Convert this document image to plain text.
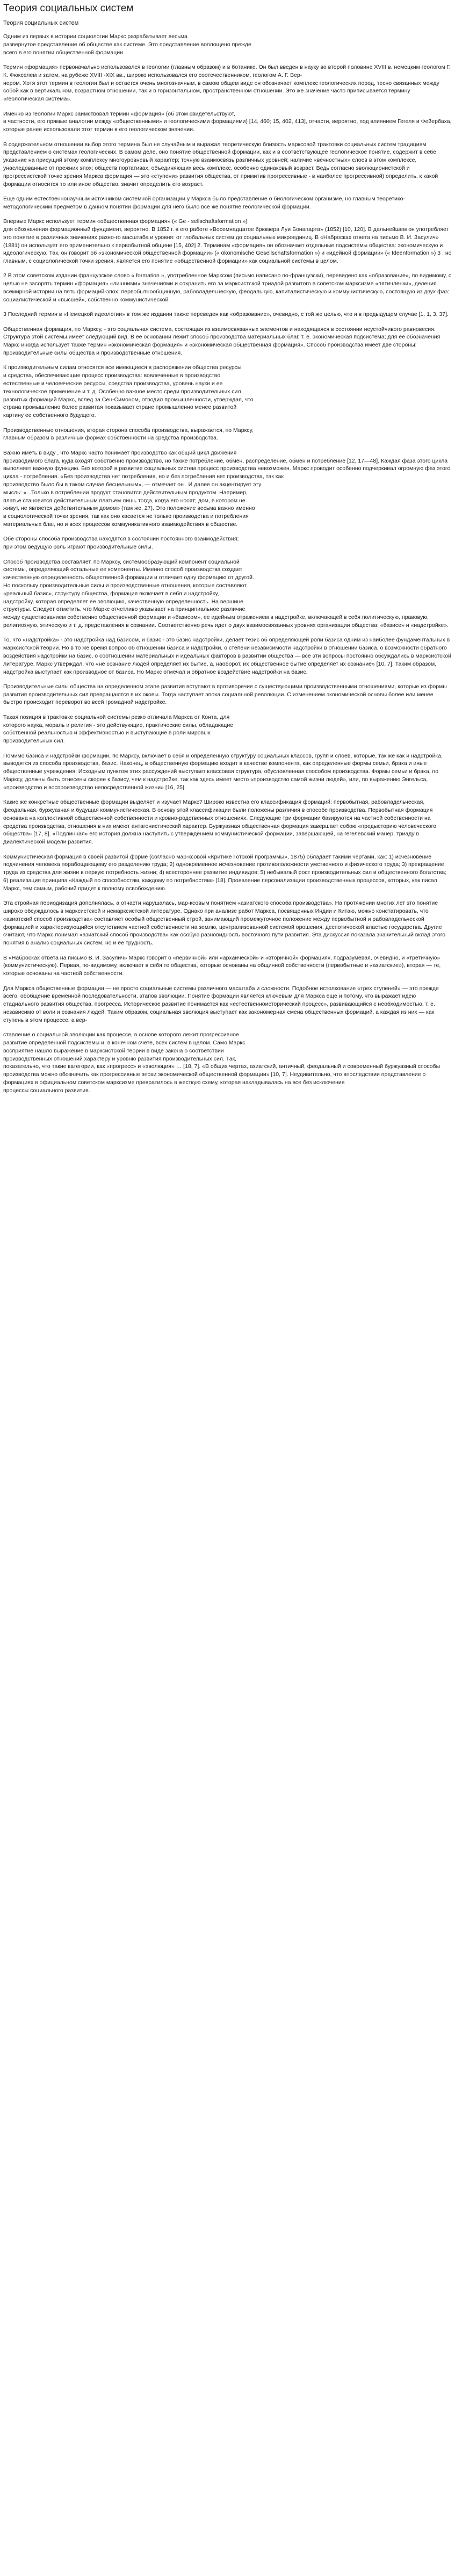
Теория социальных систем
Теория социальных систем

Одним из первых в истории социологии Маркс разрабатывает весьма
развернутое представление об обществе как системе. Это представление воплощено прежде
всего в его понятии общественной формации.

Термин «формация» первоначально использовался в геологии (главным образом) и в ботанике. Он был введен в науку во второй половине XVIII в. немецким геологом Г. К. Фюкселем и затем, на рубеже XVIII -XIX вв., широко использовался его соотечественником, геологом А. Г. Вер-
нером. Хотя этот термин в геологии был и остается очень многозначным, в самом общем виде он обозначает комплекс геологических пород, тесно связанных между собой как в вертикальном, возрастном отношении, так и в горизонтальном, пространственном отношении. Это же значение часто приписывается термину «геологическая система».

Именно из геологии Маркс заимствовал термин «формация» (об этом свидетельствуют,
в частности, его прямые аналогии между «общественными» и геологическими формациями) [14, 460; 15, 402, 413], отчасти, вероятно, под влиянием Гегеля и Фейербаха, которые ранее использовали этот термин в его геологическом значении.

В содержательном отношении выбор этого термина был не случайным и выражал теоретическую близость марксовой трактовки социальных систем традициям представлением о системах геологических. В самом деле, оно понятие общественной формации, как и в соответствующее геологическое понятие, содержит в себе указание на присущий этому комплексу многоуровневый характер; точную взаимосвязь различных уровней; наличие «вечностных» слоев в этом комплексе, унаследованные от прежних эпох; обществ портативах, объединяющих весь комплекс, особенно одинаковый возраст. Ведь согласно эволюционистской и прогрессистской точке зрения Маркса формация — это «ступени» развития общества, от примитив прогрессивные - в наиболее прогрессивной) определить, к какой формации относится то или иное общество, значит определить его возраст.

Еще одним естественнонаучным источником системной организации у Маркса было представление о биологическом организме, но главным теоретико-методологическим предметом в данном понятии формации для него было все же понятие геологической формации.

Впервые Маркс использует термин «общественная формация» (« Ge - sellschaftsformation »)
для обозначения формационный фундамент, вероятно. В 1852 г. в его работе «Восемнадцатое брюмера Луи Бонапарта» (1852) [10, 120]. В дальнейшем он употребляет это понятие в различных значениях разно-го масштаба и уровня: от глобальных систем до социальных микроединиц. В «Набросках ответа на письмо В. И. Засулич» (1881) он использует его применительно к первобытной общине [15, 402] 2. Терминам «формация» он обозначает отдельные подсистемы общества: экономическую и идеологическую. Так, он говорит об «экономической общественной формации» (« ökonomische Gesellschaftsformation ») и «идейной формации» (« Ideenformation ») 3 , но главным, с социологической точки зрения, является его понятие «общественной формации» как социальной системы в целом.

2 В этом советском издании французское слово « formation », употребленное Марксом (письмо написано по-французски), переведено как «образование», по видимому, с целью не засорять термин «формация» «лишними» значениями и сохранить его за марксистской триадой развитого в советском марксизме «пятичленки», деления всемирной истории на пять формаций-эпох: первобытнообщинную, рабовладельческую, феодальную, капиталистическую и коммунистическую, состоящую из двух фаз: социалистической и «высшей», собственно коммунистической.

3 Последний термин в «Немецкой идеологии» в том же издании также переведен как «образование», очевидно, с той же целью, что и в предыдущем случае [1, 1, 3, 37].

Общественная формация, по Марксу, - это социальная система, состоящая из взаимосвязанных элементов и находящаяся в состоянии неустойчивого равновесия. Структура этой системы имеет следующий вид. В ее основании лежит способ производства материальных благ, т. е. экономическая подсистема; для ее обозначения Маркс иногда использует также термин «экономическая формация» и «экономическая общественная формация». Способ производства имеет две стороны: производительные силы общества и производственные отношения.

К производительным силам относятся все имеющиеся в распоряжении общества ресурсы
и средства, обеспечивающие процесс производства: вовлеченные в производство
естественные и человеческие ресурсы, средства производства, уровень науки и ее
технологическое применение и т. д. Особенно важное место среди производительных сил
развитых формаций Маркс, вслед за Сен-Симоном, отводил промышленности, утверждая, что
страна промышленно более развитая показывает стране промышленно менее развитой
картину ее собственного будущего.

Производственные отношения, вторая сторона способа производства, выражается, по Марксу,
главным образом в различных формах собственности на средства производства.

Важно иметь в виду , что Маркс часто понимает производство как общий цикл движения
производимого блага, куда входят собственно производство, но также потребление, обмен, распределение, обмен и потребление [12, 17—48]. Каждая фаза этого цикла выполняет важную функцию. Без которой в развитие социальных систем процесс производства невозможен. Маркс проводит особенно подчеркивал огромную фаз этого цикла - потребления. «Без производства нет потребления, но и без потребления нет производства, так как
производство было бы в таком случае бесцельным», — отмечает он . И далее он акцентирует эту
мысль: «...Только в потреблении продукт становится действительным продуктом. Например,
платье становится действительным платьем лишь тогда, когда его носят; дом, в котором не
живут, не является действительным домом» (там же, 27). Это положение весьма важно именно
в социологической точки зрения, так как оно касается не только производства и потребления
материальных благ, но и всех процессов коммуникативного взаимодействия в обществе.

Обе стороны способа производства находятся в состоянии постоянного взаимодействия;
при этом ведущую роль играют производительные силы.

Способ производства составляет, по Марксу, системообразующий компонент социальной
системы, определяющий остальные ее компоненты. Именно способ производства создает
качественную определенность общественной формации и отличает одну формацию от другой.
Но поскольку производительные силы и производственные отношения, которые составляют
«реальный базис», структуру общества, формация включает в себя и надстройку,
надстройку, которая определяет ее эволюцию, качественную определенность. На вершине
структуры. Следует отметить, что Маркс отчетливо указывает на принципиальное различие
между существованием собственно общественной формации и «базисом», ее идейным отражением в надстройке, включающей в себя политическую, правовую, религиозную, этическую и т. д. представления в сознании. Соответственно речь идет о двух взаимосвязанных уровнях организации общества: «базисе» и «надстройке».

То, что «надстройка» - это надстройка над базисом, и базис - это базис надстройки, делает тезис об определяющей роли базиса одним из наиболее фундаментальных в марксистской теории. Но в то же время вопрос об отношении базиса и надстройки, о степени независимости надстройки в отношении базиса, о возможности обратного воздействия надстройки на базис, о соотношении материальных и идеальных факторов в развитии общества — все эти вопросы постоянно обсуждались в марксистской литературе. Маркс утверждал, что «не сознание людей определяет их бытие, а, наоборот, их общественное бытие определяет их сознание» [10, 7]. Таким образом, надстройка выступает как производное от базиса. Но Маркс отмечал и обратное воздействие надстройки на базис.

Производительные силы общества на определенном этапе развития вступают в противоречие с существующими производственными отношениями, которые из формы развития производительных сил превращаются в их оковы. Тогда наступает эпоха социальной революции. С изменением экономической основы более или менее быстро происходит переворот во всей громадной надстройке.

Такая позиция в трактовке социальной системы резко отличала Маркса от Конта, для
которого наука, мораль и религия - это действующие, практические силы, обладающие
собственной реальностью и эффективностью и выступающие в роли мировых
производительных сил.

Помимо базиса и надстройки формации, по Марксу, включает в себя и определенную структуру социальных классов, групп и слоев, которые, так же как и надстройка, выводятся из способа производства, базис. Наконец, в общественную формацию входит в качестве компонента, как определенные формы семьи, брака и иные общественные учреждения. Исходным пунктом этих рассуждений выступает классовая структура, обусловленная способом производства. Формы семьи и брака, по Марксу, должны быть отнесены скорее к базису, чем к надстройке, так как здесь имеет место «производство самой жизни людей», или, по выражению Энгельса, «производство и воспроизводство непосредственной жизни» [16, 25].

Какие же конкретные общественные формации выделяет и изучает Маркс? Широко известна его классификация формаций: первобытная, рабовладельческая, феодальная, буржуазная и будущая коммунистическая. В основу этой классификации были положены различия в способе производства. Первобытная формация основана на коллективной общественной собственности и кровно-родственных отношениях. Следующие три формации базируются на частной собственности на средства производства, отношения в них имеют антагонистический характер. Буржуазная общественная формация завершает собою «предысторию человеческого общества» [17, 8]. «Подлинная» его история должна наступить с утверждением коммунистической формации, завершающей, на гегелевский манер, триаду в диалектической модели развития.

Коммунистическая формация в своей развитой форме (согласно мар-ксовой «Критике Готской программы», 1875) обладает такими чертами, как: 1) исчезновение подчинения человека порабощающему его разделению труда; 2) одновременное исчезновение противоположности умственного и физического труда; 3) превращение труда из средства для жизни в первую потребность жизни; 4) всестороннее развитие индивидов; 5) небывалый рост производительных сил и общественного богатства; 6) реализация принципа «Каждый по способностям, каждому по потребностям» [18]. Проявление персонализации производственных процессов, которых, как писал Маркс, тем самым, рабочий придет к полному освобождению.

Эта стройная периодизация дополнялась, а отчасти нарушалась, мар-ксовым понятием «азиатского способа производства». На протяжении многих лет это понятие широко обсуждалось в марксистской и немарксистской литературе. Однако при анализе работ Маркса, посвященных Индии и Китаю, можно констатировать, что «азиатский способ производства» составляет особый общественный строй, занимающий промежуточное положение между первобытной и рабовладельческой формацией и характеризующийся отсутствием частной собственности на землю, централизованной системой орошения, деспотической властью государства. Другие считают, что Маркс понимал «азиатский способ производства» как особую разновидность восточного пути развития. Эта дискуссия показала значительный вклад этого понятия в анализ социальных систем, но и ее трудность.

В «Набросках ответа на письмо В. И. Засулич» Маркс говорит о «первичной» или «архаической» и «вторичной» формациях, подразумевая, очевидно, и «третичную» (коммунистическую). Первая, по-видимому, включает в себя те общества, которые основаны на общинной собственности (первобытные и «азиатские»), вторая — те, которые основаны на частной собственности.

Для Маркса общественные формации — не просто социальные системы различного масштаба и сложности. Подобное истолкование «трех ступеней» — это прежде всего, обобщение временной последовательности, этапов эволюции. Понятие формации является ключевым для Маркса еще и потому, что выражает идею стадиального развития общества, прогресса. Историческое развитие понимается как «естественноисторический процесс», развивающийся с необходимостью, т. е. независимо от воли и сознания людей. Таким образом, социальная эволюция выступает как закономерная смена общественных формаций, а каждая из них — как ступень в этом процессе, а вер-

ставление о социальной эволюции как процессе, в основе которого лежит прогрессивное
развитие определенной подсистемы и, в конечном счете, всех систем в целом. Само Маркс
восприятие нашло выражение в марксистской теории в виде закона о соответствии
производственных отношений характеру и уровню развития производительных сил. Так,
показательно, что такие категории, как «прогресс» и «эволюция» … [18, 7]. «В общих чертах, азиатский, античный, феодальный и современный буржуазный способы производства можно обозначить как прогрессивные эпохи экономической общественной формации» [10, 7]. Неудивительно, что впоследствии представление о формациях в официальном советском марксизме превратилось в жесткую схему, которая накладывалась на все без исключения
процессы социального развития.
